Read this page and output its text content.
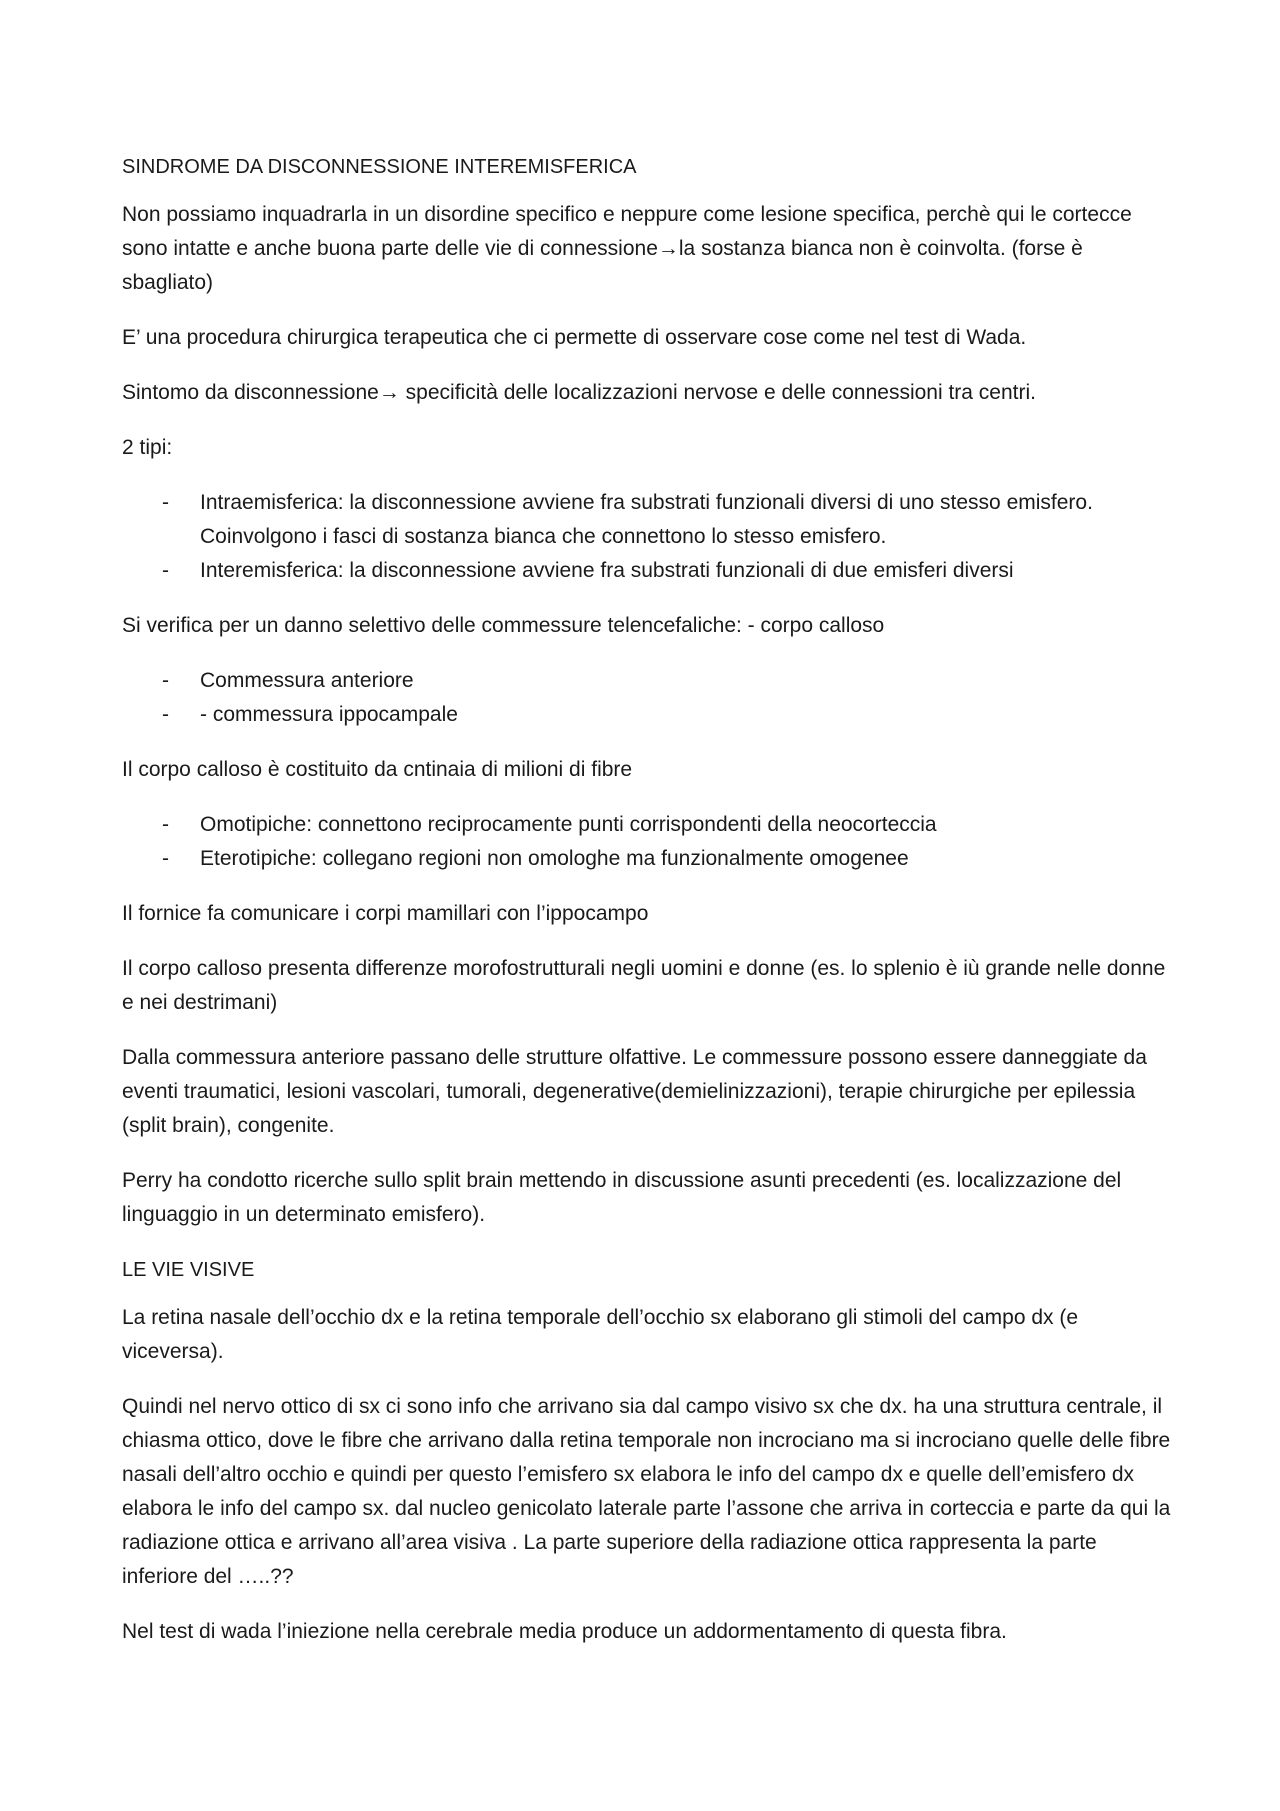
SINDROME DA DISCONNESSIONE INTEREMISFERICA

Non possiamo inquadrarla in un disordine specifico e neppure come lesione specifica, perchè qui le cortecce sono intatte e anche buona parte delle vie di connessione→la sostanza bianca non è coinvolta. (forse è sbagliato)

E’ una procedura chirurgica terapeutica che ci permette di osservare cose come nel test di Wada.

Sintomo da disconnessione→ specificità delle localizzazioni nervose e delle connessioni tra centri.

2 tipi:

- Intraemisferica: la disconnessione avviene fra substrati funzionali diversi di uno stesso emisfero. Coinvolgono i fasci di sostanza bianca che connettono lo stesso emisfero.
- Interemisferica: la disconnessione avviene fra substrati funzionali di due emisferi diversi

Si verifica per un danno selettivo delle commessure telencefaliche: - corpo calloso

- Commessura anteriore
- - commessura ippocampale

Il corpo calloso è costituito da cntinaia di milioni di fibre

- Omotipiche: connettono reciprocamente punti corrispondenti della neocorteccia
- Eterotipiche: collegano regioni non omologhe ma funzionalmente omogenee

Il fornice fa comunicare i corpi mamillari con l’ippocampo

Il corpo calloso presenta differenze morofostrutturali negli uomini e donne (es. lo splenio è iù grande nelle donne e nei destrimani)

Dalla commessura anteriore passano delle strutture olfattive. Le commessure possono essere danneggiate da eventi traumatici, lesioni vascolari, tumorali, degenerative(demielinizzazioni), terapie chirurgiche per epilessia (split brain), congenite.

Perry ha condotto ricerche sullo split brain mettendo in discussione asunti precedenti (es. localizzazione del linguaggio in un determinato emisfero).

LE VIE VISIVE

La retina nasale dell’occhio dx e la retina temporale dell’occhio sx elaborano gli stimoli del campo dx (e viceversa).

Quindi nel nervo ottico di sx ci sono info che arrivano sia dal campo visivo sx che dx. ha una struttura centrale, il chiasma ottico, dove le fibre che arrivano dalla retina temporale non incrociano ma si incrociano quelle delle fibre nasali dell’altro occhio e quindi per questo l’emisfero sx elabora le info del campo dx e quelle dell’emisfero dx elabora le info del campo sx. dal nucleo genicolato laterale parte l’assone che arriva in corteccia e parte da qui la radiazione ottica e arrivano all’area visiva . La parte superiore della radiazione ottica rappresenta la parte inferiore del …..??

Nel test di wada l’iniezione nella cerebrale media produce un addormentamento di questa fibra.
